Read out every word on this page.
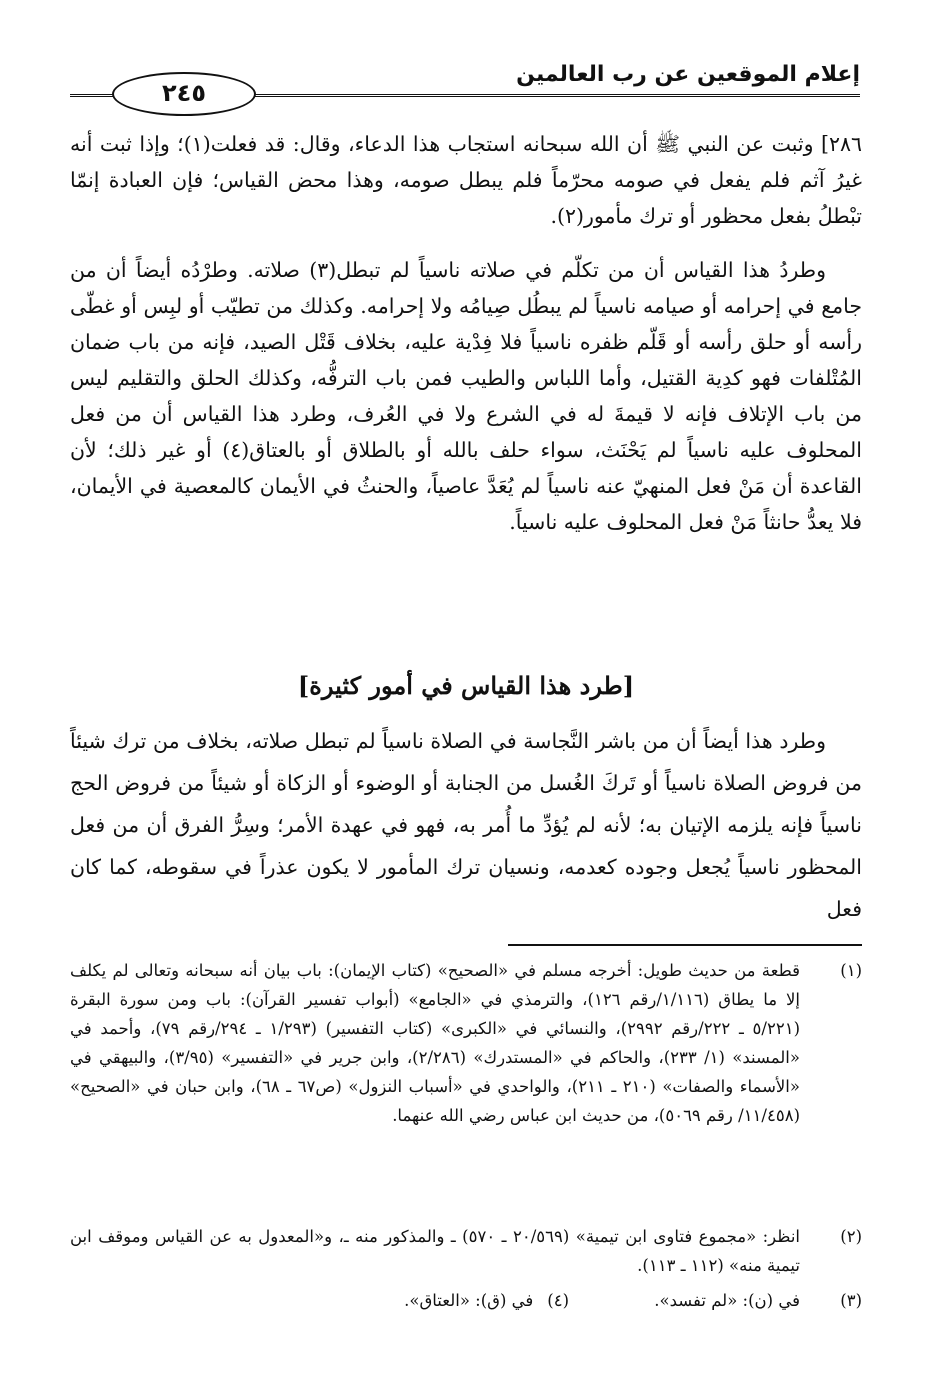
إعلام الموقعين عن رب العالمين
٢٤٥

٢٨٦] وثبت عن النبي ﷺ أن الله سبحانه استجاب هذا الدعاء، وقال: قد فعلت(١)؛ وإذا ثبت أنه غيرُ آثم فلم يفعل في صومه محرّماً فلم يبطل صومه، وهذا محض القياس؛ فإن العبادة إنمّا تبْطلُ بفعل محظور أو ترك مأمور(٢).

وطردُ هذا القياس أن من تكلّم في صلاته ناسياً لم تبطل(٣) صلاته. وطرْدُه أيضاً أن من جامع في إحرامه أو صيامه ناسياً لم يبطُل صِيامُه ولا إحرامه. وكذلك من تطيّب أو لبِس أو غطّى رأسه أو حلق رأسه أو قَلّم ظفره ناسياً فلا فِدْية عليه، بخلاف قَتْل الصيد، فإنه من باب ضمان المُتْلفات فهو كدِية القتيل، وأما اللباس والطيب فمن باب الترفُّه، وكذلك الحلق والتقليم ليس من باب الإتلاف فإنه لا قيمةَ له في الشرع ولا في العُرف، وطرد هذا القياس أن من فعل المحلوف عليه ناسياً لم يَحْنَث، سواء حلف بالله أو بالطلاق أو بالعتاق(٤) أو غير ذلك؛ لأن القاعدة أن مَنْ فعل المنهيّ عنه ناسياً لم يُعَدَّ عاصياً، والحنثُ في الأيمان كالمعصية في الأيمان، فلا يعدُّ حانثاً مَنْ فعل المحلوف عليه ناسياً.

[طرد هذا القياس في أمور كثيرة]

وطرد هذا أيضاً أن من باشر النَّجاسة في الصلاة ناسياً لم تبطل صلاته، بخلاف من ترك شيئاً من فروض الصلاة ناسياً أو تَركَ الغُسل من الجنابة أو الوضوء أو الزكاة أو شيئاً من فروض الحج ناسياً فإنه يلزمه الإتيان به؛ لأنه لم يُؤدِّ ما أُمر به، فهو في عهدة الأمر؛ وسِرُّ الفرق أن من فعل المحظور ناسياً يُجعل وجوده كعدمه، ونسيان ترك المأمور لا يكون عذراً في سقوطه، كما كان فعل

(١)
قطعة من حديث طويل: أخرجه مسلم في «الصحيح» (كتاب الإيمان): باب بيان أنه سبحانه وتعالى لم يكلف إلا ما يطاق (١/١١٦/رقم ١٢٦)، والترمذي في «الجامع» (أبواب تفسير القرآن): باب ومن سورة البقرة (٥/٢٢١ ـ ٢٢٢/رقم ٢٩٩٢)، والنسائي في «الكبرى» (كتاب التفسير) (١/٢٩٣ ـ ٢٩٤/رقم ٧٩)، وأحمد في «المسند» (١/ ٢٣٣)، والحاكم في «المستدرك» (٢/٢٨٦)، وابن جرير في «التفسير» (٣/٩٥)، والبيهقي في «الأسماء والصفات» (٢١٠ ـ ٢١١)، والواحدي في «أسباب النزول» (ص٦٧ ـ ٦٨)، وابن حبان في «الصحيح» (١١/٤٥٨/ رقم ٥٠٦٩)، من حديث ابن عباس رضي الله عنهما.
(٢)
انظر: «مجموع فتاوى ابن تيمية» (٢٠/٥٦٩ ـ ٥٧٠) ـ والمذكور منه ـ، و«المعدول به عن القياس وموقف ابن تيمية منه» (١١٢ ـ ١١٣).
(٣)
في (ن): «لم تفسد». (٤)في (ق): «العتاق».
